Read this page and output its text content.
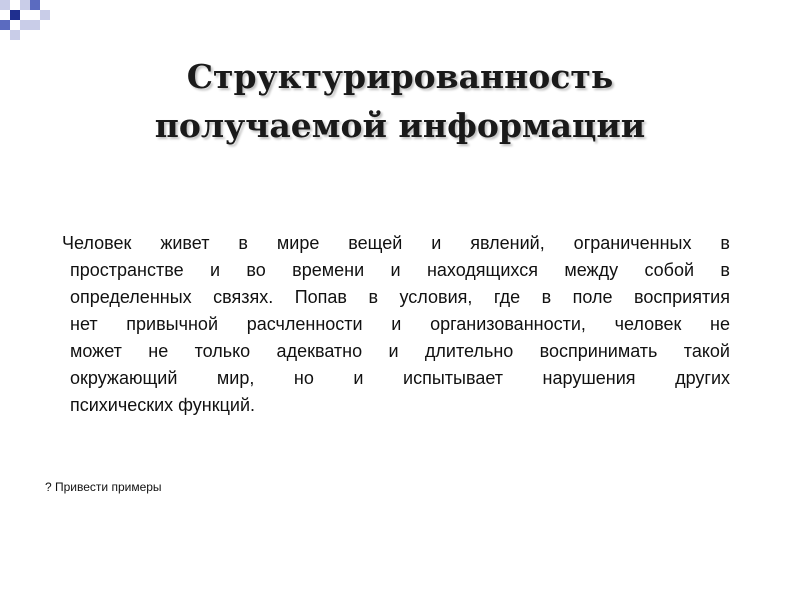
Структурированность
получаемой информации
Человек живет в мире вещей и явлений, ограниченных в
пространстве и во времени и находящихся между собой в
определенных связях. Попав в условия, где в поле восприятия
нет привычной расчленности и организованности, человек не
может не только адекватно и длительно воспринимать такой
окружающий мир, но и испытывает нарушения других
психических функций.
? Привести примеры
